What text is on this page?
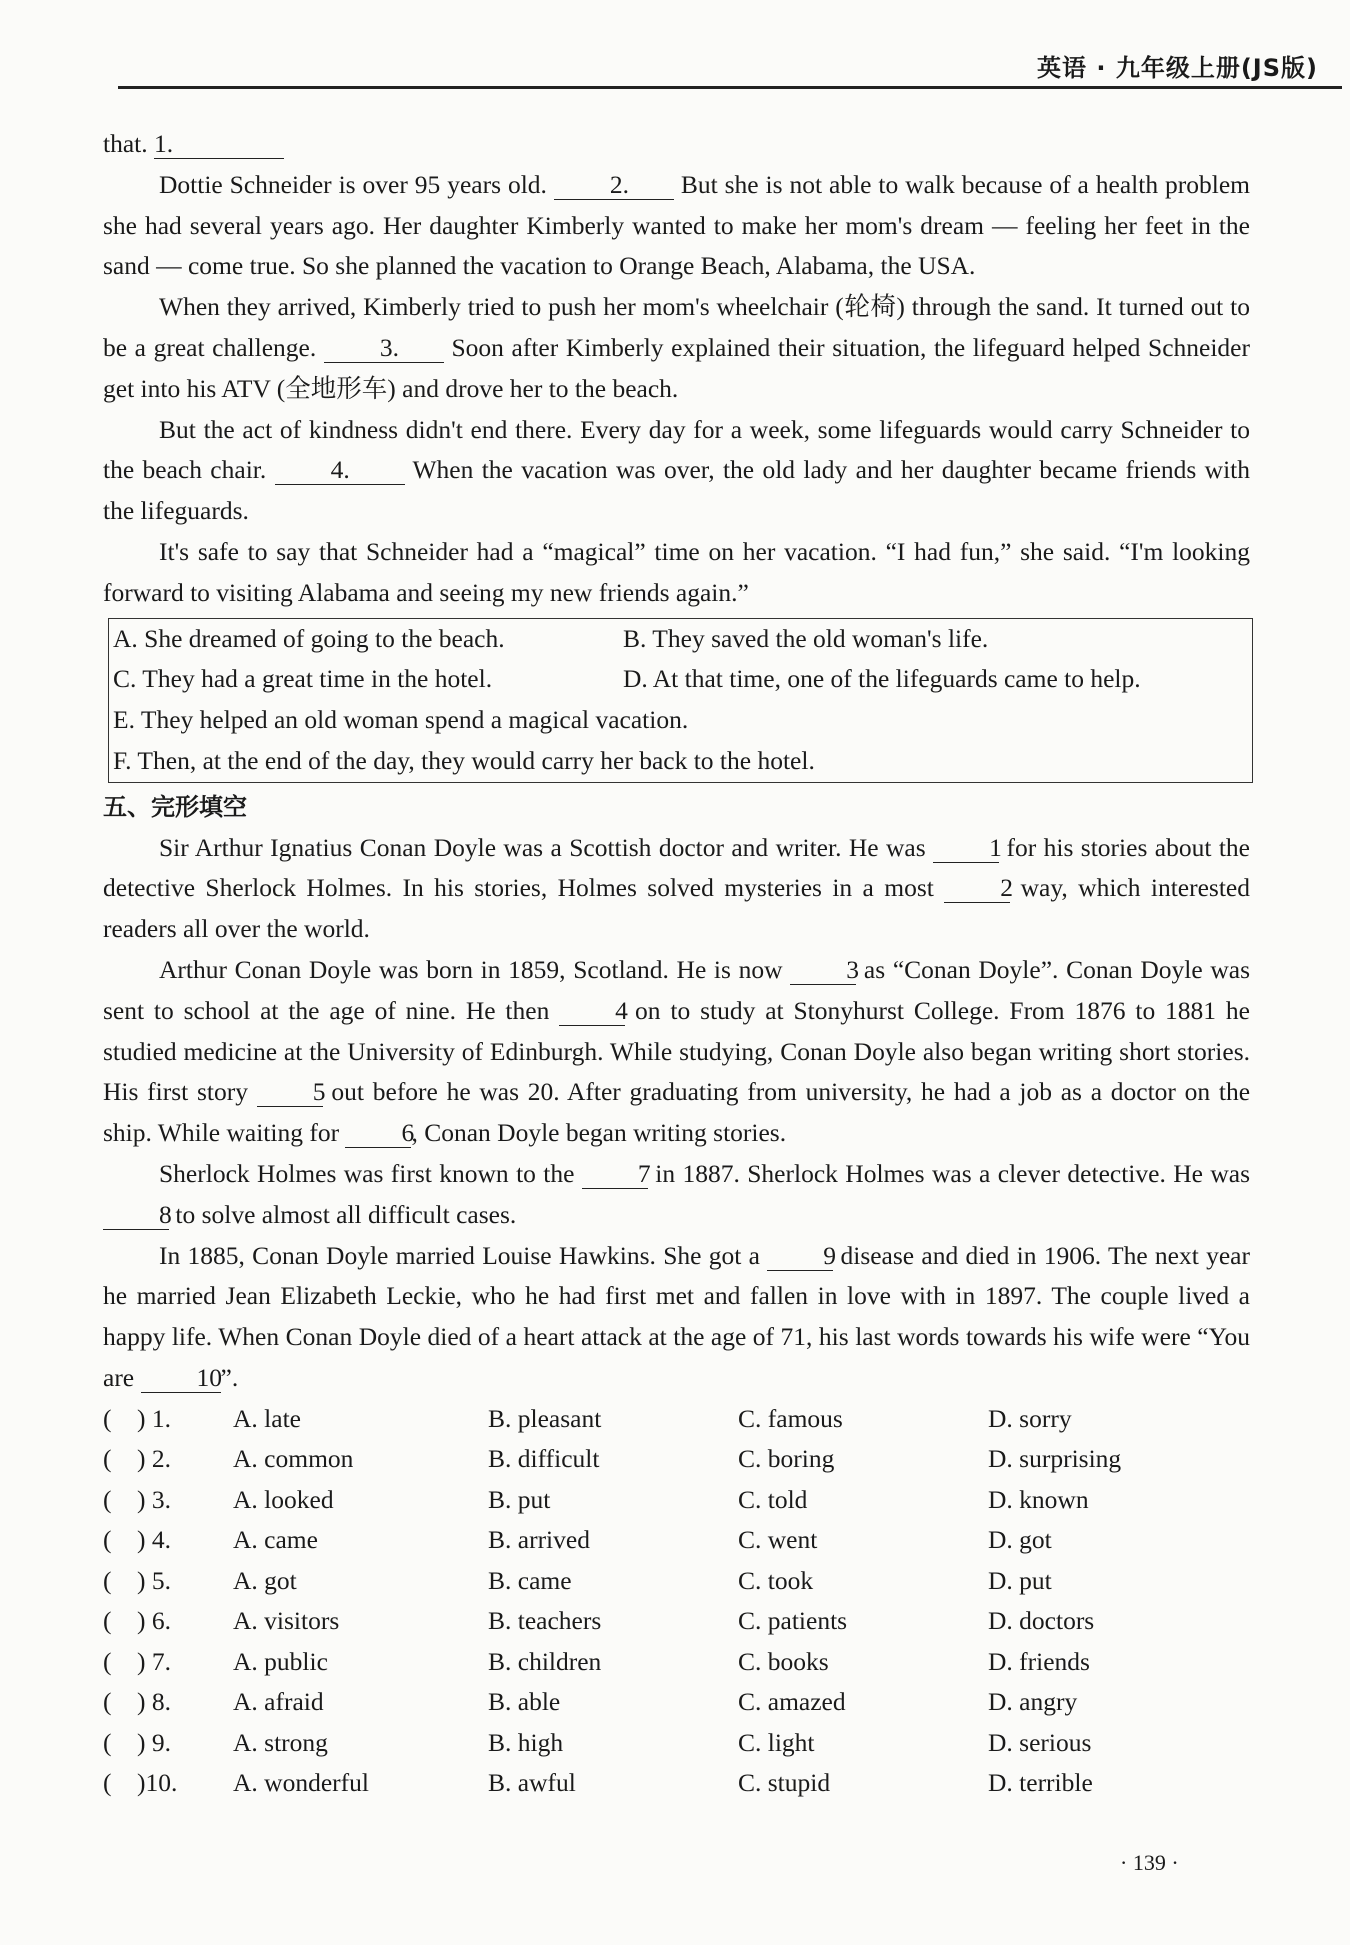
英语 · 九年级上册(JS版)

that. 1.

Dottie Schneider is over 95 years old. 2. But she is not able to walk because of a health problem she had several years ago. Her daughter Kimberly wanted to make her mom's dream — feeling her feet in the sand — come true. So she planned the vacation to Orange Beach, Alabama, the USA.

When they arrived, Kimberly tried to push her mom's wheelchair (轮椅) through the sand. It turned out to be a great challenge. 3. Soon after Kimberly explained their situation, the lifeguard helped Schneider get into his ATV (全地形车) and drove her to the beach.

But the act of kindness didn't end there. Every day for a week, some lifeguards would carry Schneider to the beach chair. 4. When the vacation was over, the old lady and her daughter became friends with the lifeguards.

It's safe to say that Schneider had a “magical” time on her vacation. “I had fun,” she said. “I'm looking forward to visiting Alabama and seeing my new friends again.”

A. She dreamed of going to the beach.	B. They saved the old woman's life.
C. They had a great time in the hotel.	D. At that time, one of the lifeguards came to help.
E. They helped an old woman spend a magical vacation.
F. Then, at the end of the day, they would carry her back to the hotel.
五、完形填空

Sir Arthur Ignatius Conan Doyle was a Scottish doctor and writer. He was 1 for his stories about the detective Sherlock Holmes. In his stories, Holmes solved mysteries in a most 2 way, which interested readers all over the world.

Arthur Conan Doyle was born in 1859, Scotland. He is now 3 as “Conan Doyle”. Conan Doyle was sent to school at the age of nine. He then 4 on to study at Stonyhurst College. From 1876 to 1881 he studied medicine at the University of Edinburgh. While studying, Conan Doyle also began writing short stories. His first story 5 out before he was 20. After graduating from university, he had a job as a doctor on the ship. While waiting for 6, Conan Doyle began writing stories.

Sherlock Holmes was first known to the 7 in 1887. Sherlock Holmes was a clever detective. He was 8 to solve almost all difficult cases.

In 1885, Conan Doyle married Louise Hawkins. She got a 9 disease and died in 1906. The next year he married Jean Elizabeth Leckie, who he had first met and fallen in love with in 1897. The couple lived a happy life. When Conan Doyle died of a heart attack at the age of 71, his last words towards his wife were “You are 10”.

(    ) 1.	A. late	B. pleasant	C. famous	D. sorry
(    ) 2.	A. common	B. difficult	C. boring	D. surprising
(    ) 3.	A. looked	B. put	C. told	D. known
(    ) 4.	A. came	B. arrived	C. went	D. got
(    ) 5.	A. got	B. came	C. took	D. put
(    ) 6.	A. visitors	B. teachers	C. patients	D. doctors
(    ) 7.	A. public	B. children	C. books	D. friends
(    ) 8.	A. afraid	B. able	C. amazed	D. angry
(    ) 9.	A. strong	B. high	C. light	D. serious
(    )10.	A. wonderful	B. awful	C. stupid	D. terrible
· 139 ·
